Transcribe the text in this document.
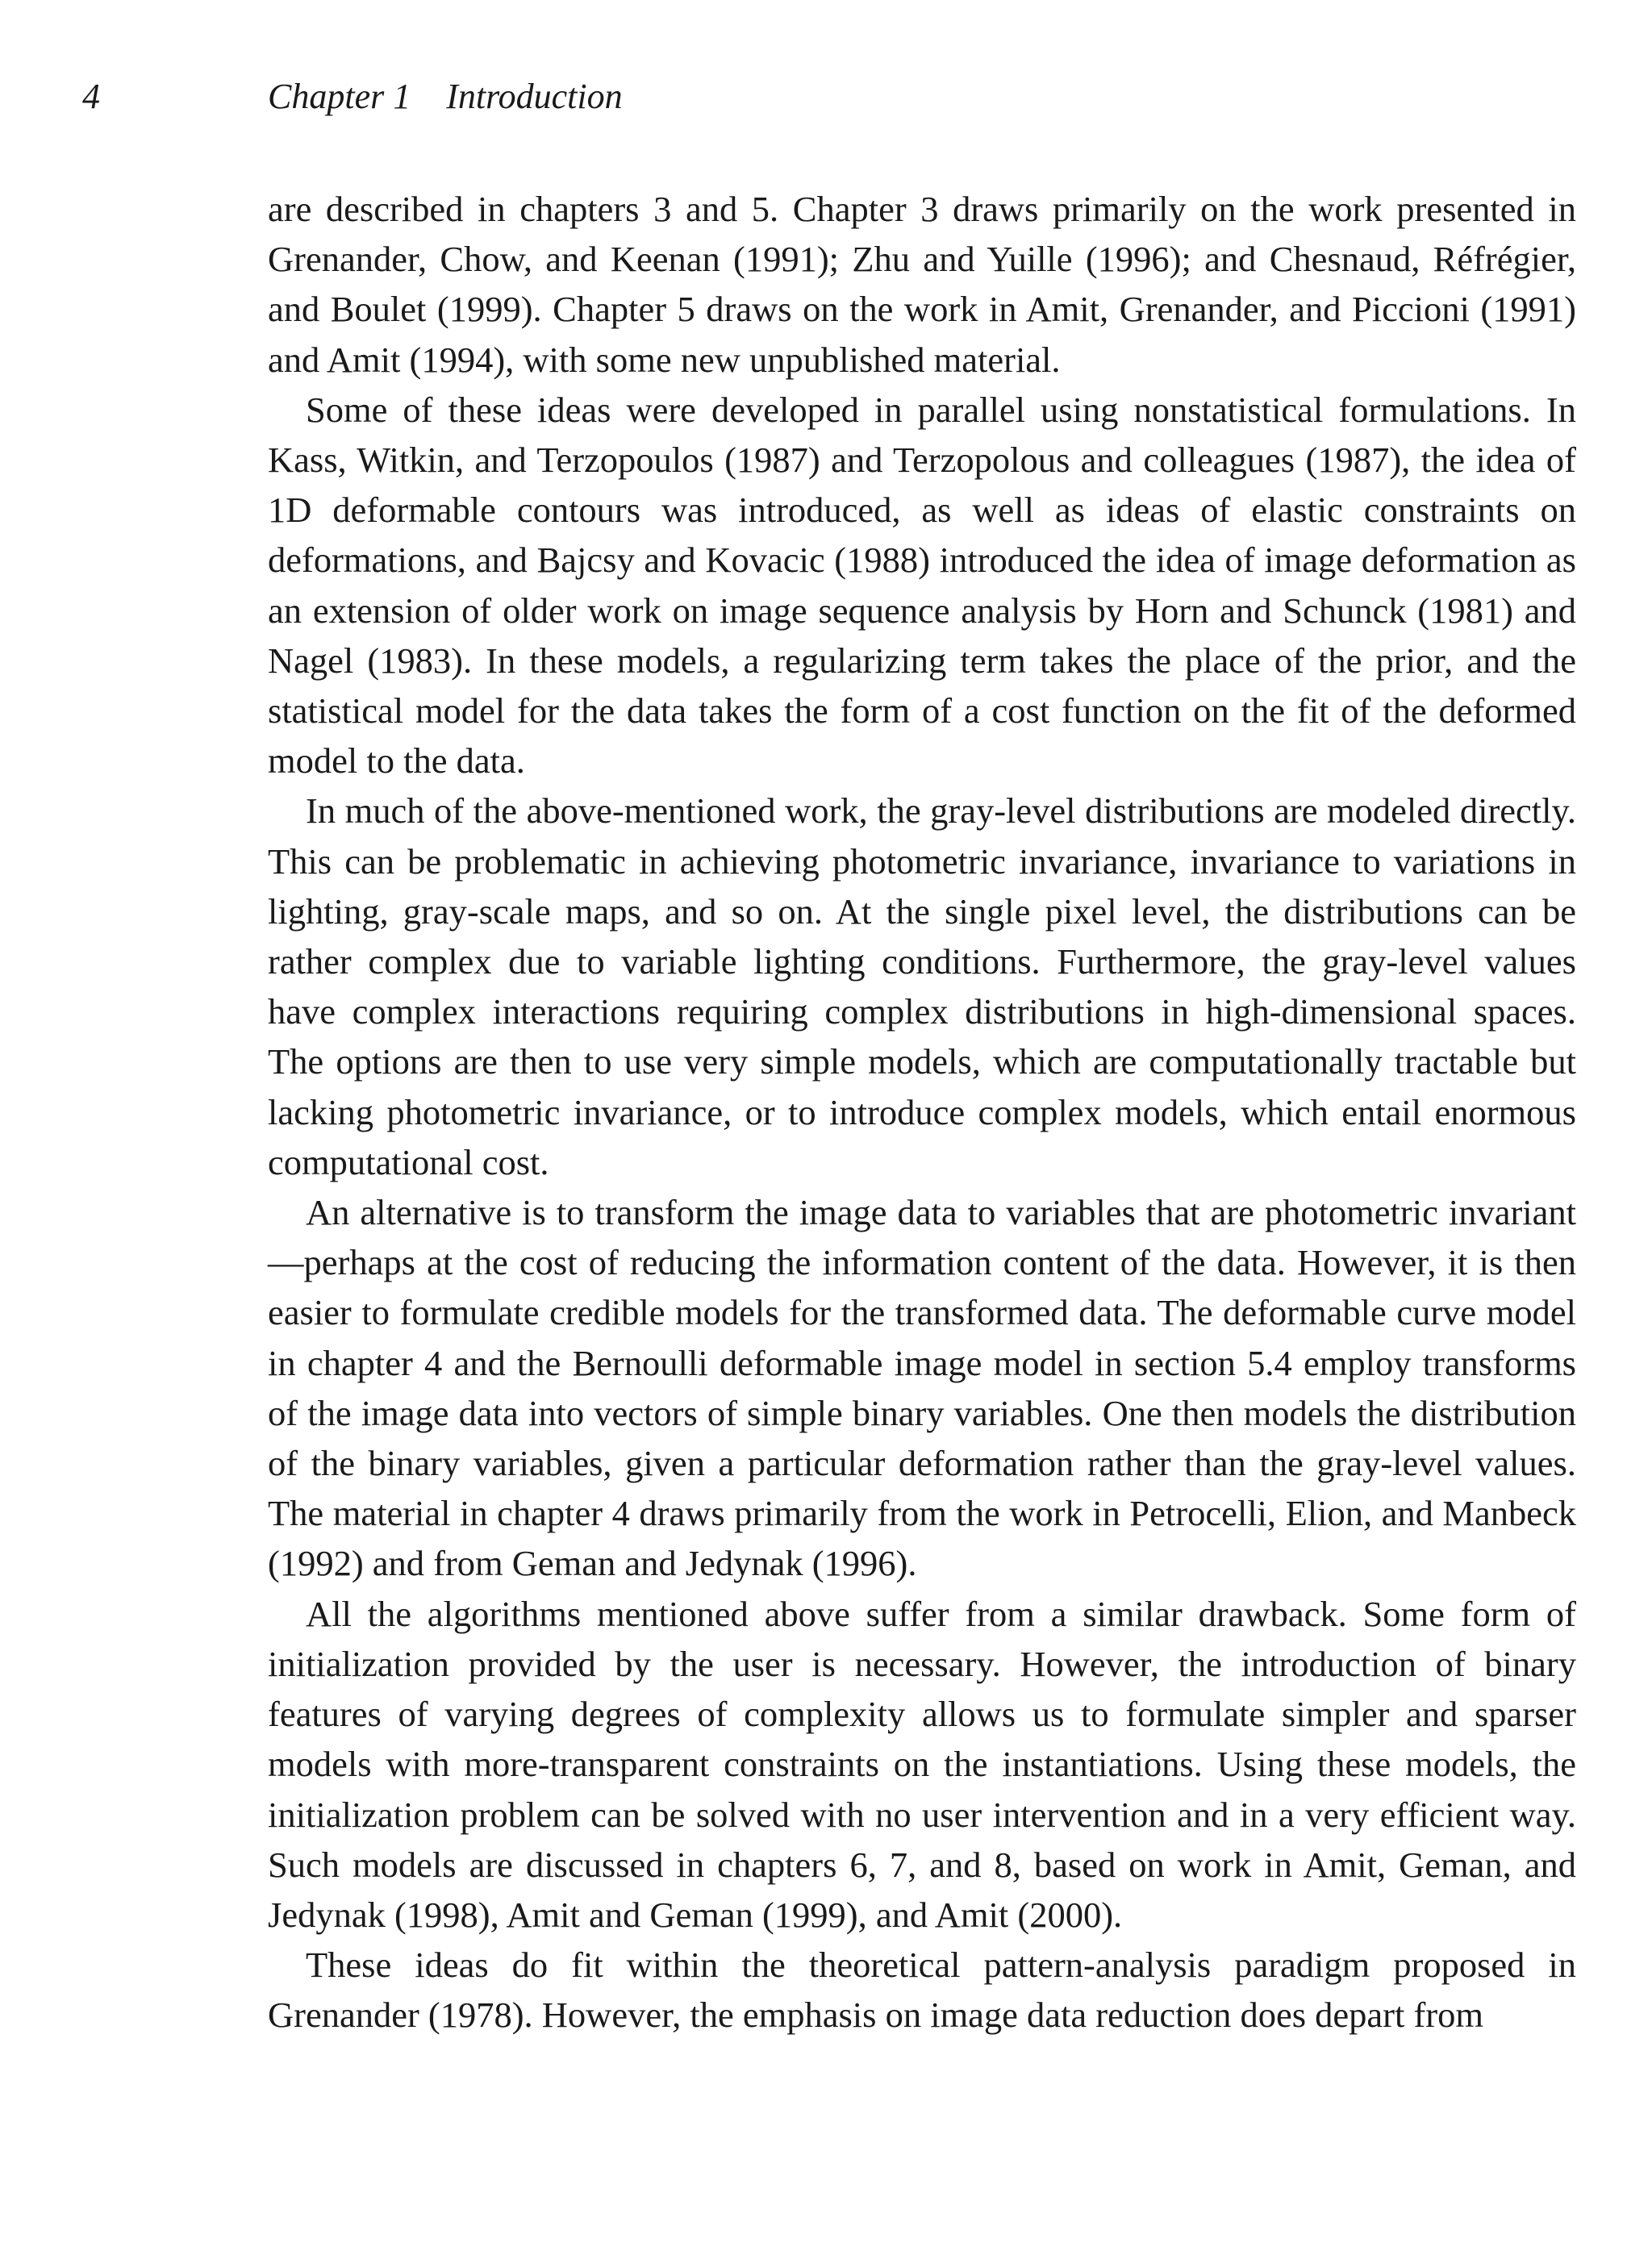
4	Chapter 1 Introduction

are described in chapters 3 and 5. Chapter 3 draws primarily on the work presented in Grenander, Chow, and Keenan (1991); Zhu and Yuille (1996); and Chesnaud, Réfrégier, and Boulet (1999). Chapter 5 draws on the work in Amit, Grenander, and Piccioni (1991) and Amit (1994), with some new unpublished material.

Some of these ideas were developed in parallel using nonstatistical formulations. In Kass, Witkin, and Terzopoulos (1987) and Terzopolous and colleagues (1987), the idea of 1D deformable contours was introduced, as well as ideas of elastic constraints on deformations, and Bajcsy and Kovacic (1988) introduced the idea of image deformation as an extension of older work on image sequence analysis by Horn and Schunck (1981) and Nagel (1983). In these models, a regularizing term takes the place of the prior, and the statistical model for the data takes the form of a cost function on the fit of the deformed model to the data.

In much of the above-mentioned work, the gray-level distributions are modeled directly. This can be problematic in achieving photometric invariance, invariance to variations in lighting, gray-scale maps, and so on. At the single pixel level, the distributions can be rather complex due to variable lighting conditions. Furthermore, the gray-level values have complex interactions requiring complex distributions in high-dimensional spaces. The options are then to use very simple models, which are computationally tractable but lacking photometric invariance, or to introduce complex models, which entail enormous computational cost.

An alternative is to transform the image data to variables that are photometric invariant—perhaps at the cost of reducing the information content of the data. However, it is then easier to formulate credible models for the transformed data. The deformable curve model in chapter 4 and the Bernoulli deformable image model in section 5.4 employ transforms of the image data into vectors of simple binary variables. One then models the distribution of the binary variables, given a particular deformation rather than the gray-level values. The material in chapter 4 draws primarily from the work in Petrocelli, Elion, and Manbeck (1992) and from Geman and Jedynak (1996).

All the algorithms mentioned above suffer from a similar drawback. Some form of initialization provided by the user is necessary. However, the introduction of binary features of varying degrees of complexity allows us to formulate simpler and sparser models with more-transparent constraints on the instantiations. Using these models, the initialization problem can be solved with no user intervention and in a very efficient way. Such models are discussed in chapters 6, 7, and 8, based on work in Amit, Geman, and Jedynak (1998), Amit and Geman (1999), and Amit (2000).

These ideas do fit within the theoretical pattern-analysis paradigm proposed in Grenander (1978). However, the emphasis on image data reduction does depart from
